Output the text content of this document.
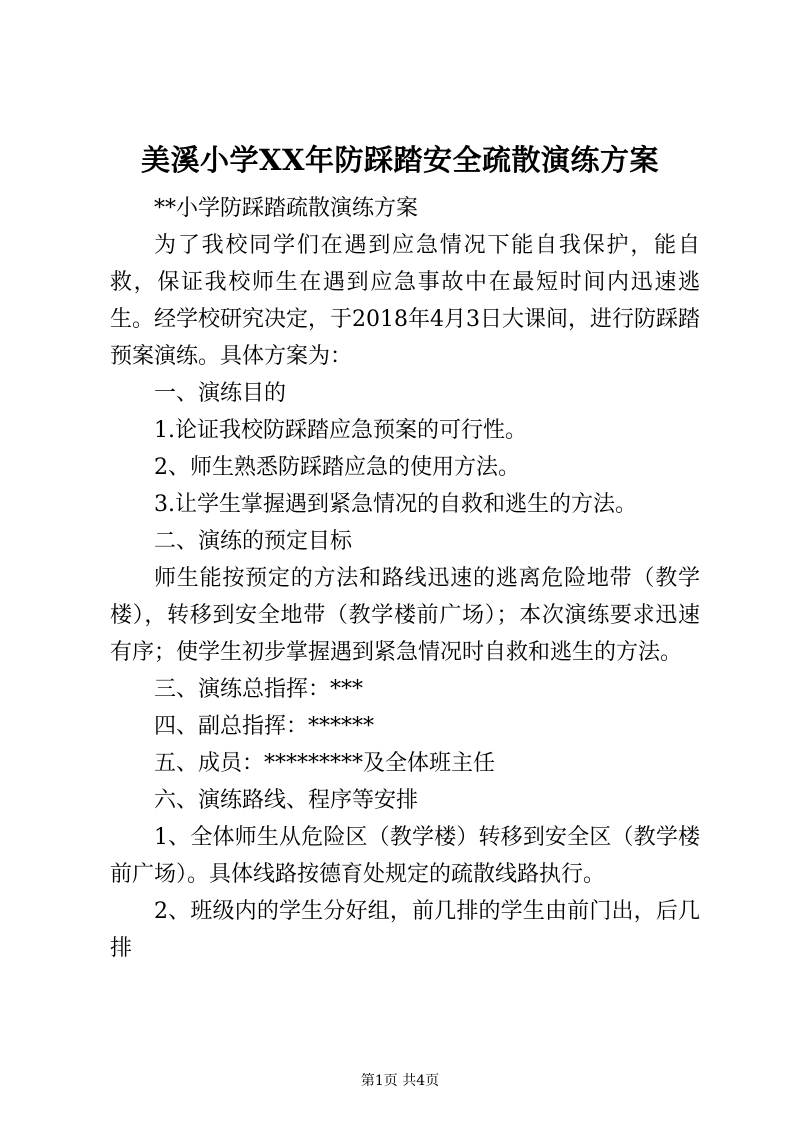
美溪小学XX年防踩踏安全疏散演练方案

**小学防踩踏疏散演练方案

为了我校同学们在遇到应急情况下能自我保护，能自救，保证我校师生在遇到应急事故中在最短时间内迅速逃生。经学校研究决定，于2018年4月3日大课间，进行防踩踏预案演练。具体方案为：

一、演练目的

1.论证我校防踩踏应急预案的可行性。

2、师生熟悉防踩踏应急的使用方法。

3.让学生掌握遇到紧急情况的自救和逃生的方法。

二、演练的预定目标

师生能按预定的方法和路线迅速的逃离危险地带（教学楼），转移到安全地带（教学楼前广场）；本次演练要求迅速有序；使学生初步掌握遇到紧急情况时自救和逃生的方法。

三、演练总指挥：***

四、副总指挥：******

五、成员：*********及全体班主任

六、演练路线、程序等安排

1、全体师生从危险区（教学楼）转移到安全区（教学楼前广场）。具体线路按德育处规定的疏散线路执行。

2、班级内的学生分好组，前几排的学生由前门出，后几排

第1页 共4页
